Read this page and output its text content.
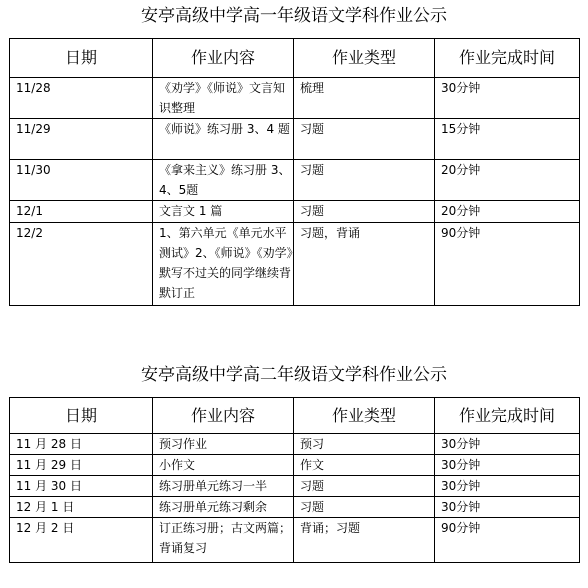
安亭高级中学高一年级语文学科作业公示
日期	作业内容	作业类型	作业完成时间
11/28	《劝学》《师说》文言知识整理	梳理	30分钟
11/29	《师说》练习册 3、4 题	习题	15分钟
11/30	《拿来主义》练习册 3、4、5题	习题	20分钟
12/1	文言文 1 篇	习题	20分钟
12/2	1、第六单元《单元水平测试》2、《师说》《劝学》默写不过关的同学继续背默订正	习题，背诵	90分钟
安亭高级中学高二年级语文学科作业公示
日期	作业内容	作业类型	作业完成时间
11 月 28 日	预习作业	预习	30分钟
11 月 29 日	小作文	作文	30分钟
11 月 30 日	练习册单元练习一半	习题	30分钟
12 月 1 日	练习册单元练习剩余	习题	30分钟
12 月 2 日	订正练习册；古文两篇；背诵复习	背诵；习题	90分钟
